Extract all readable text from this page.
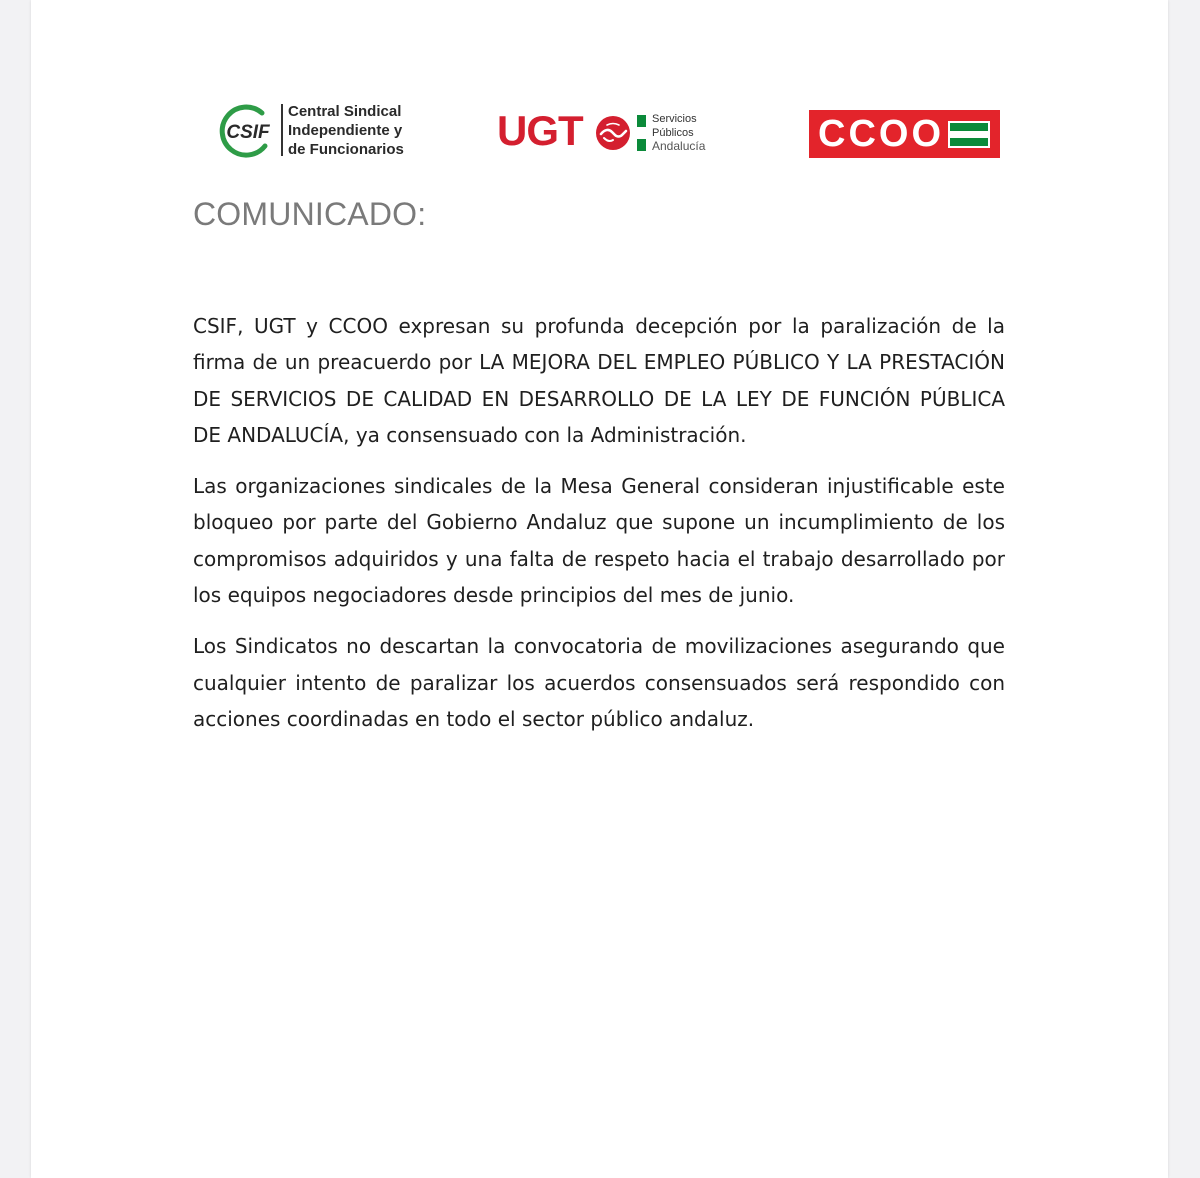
CSIF
Central Sindical
Independiente y
de Funcionarios UGT	Servicios
Públicos
Andalucía	CCOO
COMUNICADO:

CSIF, UGT y CCOO expresan su profunda decepción por la paralización de la firma de un preacuerdo por LA MEJORA DEL EMPLEO PÚBLICO Y LA PRESTACIÓN DE SERVICIOS DE CALIDAD EN DESARROLLO DE LA LEY DE FUNCIÓN PÚBLICA DE ANDALUCÍA, ya consensuado con la Administración.

Las organizaciones sindicales de la Mesa General consideran injustificable este bloqueo por parte del Gobierno Andaluz que supone un incumplimiento de los compromisos adquiridos y una falta de respeto hacia el trabajo desarrollado por los equipos negociadores desde principios del mes de junio.

Los Sindicatos no descartan la convocatoria de movilizaciones asegurando que cualquier intento de paralizar los acuerdos consensuados será respondido con acciones coordinadas en todo el sector público andaluz.
